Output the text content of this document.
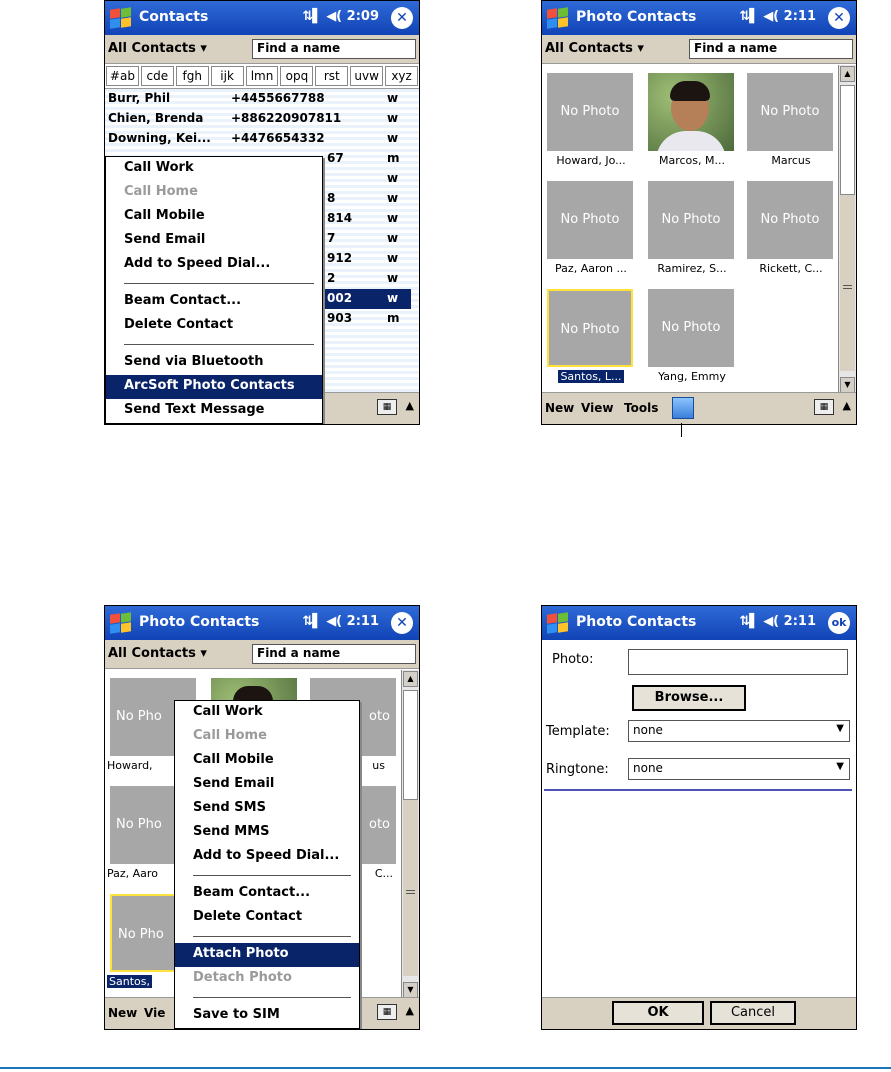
Contacts	⇅▌ ◀( 2:09	✕
All Contacts ▾	Find a name
#ab cde	fgh	ijk	lmn	opq	rst	uvw	xyz
Burr, Phil	+4455667788	w
Chien, Brenda +886220907811	w
Downing, Kei... +4476654332	w
67	m
w
8	w
814	w
7	w
912	w
2	w
002	w
903	m
▦	▲
Call Work
Call Home
Call Mobile
Send Email
Add to Speed Dial...
Beam Contact...
Delete Contact
Send via Bluetooth
ArcSoft Photo Contacts
Send Text Message
Photo Contacts	⇅▌ ◀( 2:11	✕
All Contacts ▾	Find a name
No Photo
Howard, Jo...	Marcos, M...
No Photo
Marcus
No Photo
Paz, Aaron ...
No Photo
Ramirez, S...
No Photo
Rickett, C...
No Photo
Santos, L...
No Photo
Yang, Emmy
▲
▼
New View Tools	▦	▲
Photo Contacts	⇅▌ ◀( 2:11	✕
All Contacts ▾	Find a name
No Pho
Howard,
oto
us
No Pho
Paz, Aaro
oto
C...
No Pho
Santos,
▲
▼
New Vie	▦	▲
Call Work
Call Home
Call Mobile
Send Email
Send SMS
Send MMS
Add to Speed Dial...
Beam Contact...
Delete Contact
Attach Photo
Detach Photo
Save to SIM
Photo Contacts	⇅▌ ◀( 2:11	ok
Photo:
Browse...
Template:	none	▼
Ringtone:	none	▼
OK	Cancel
